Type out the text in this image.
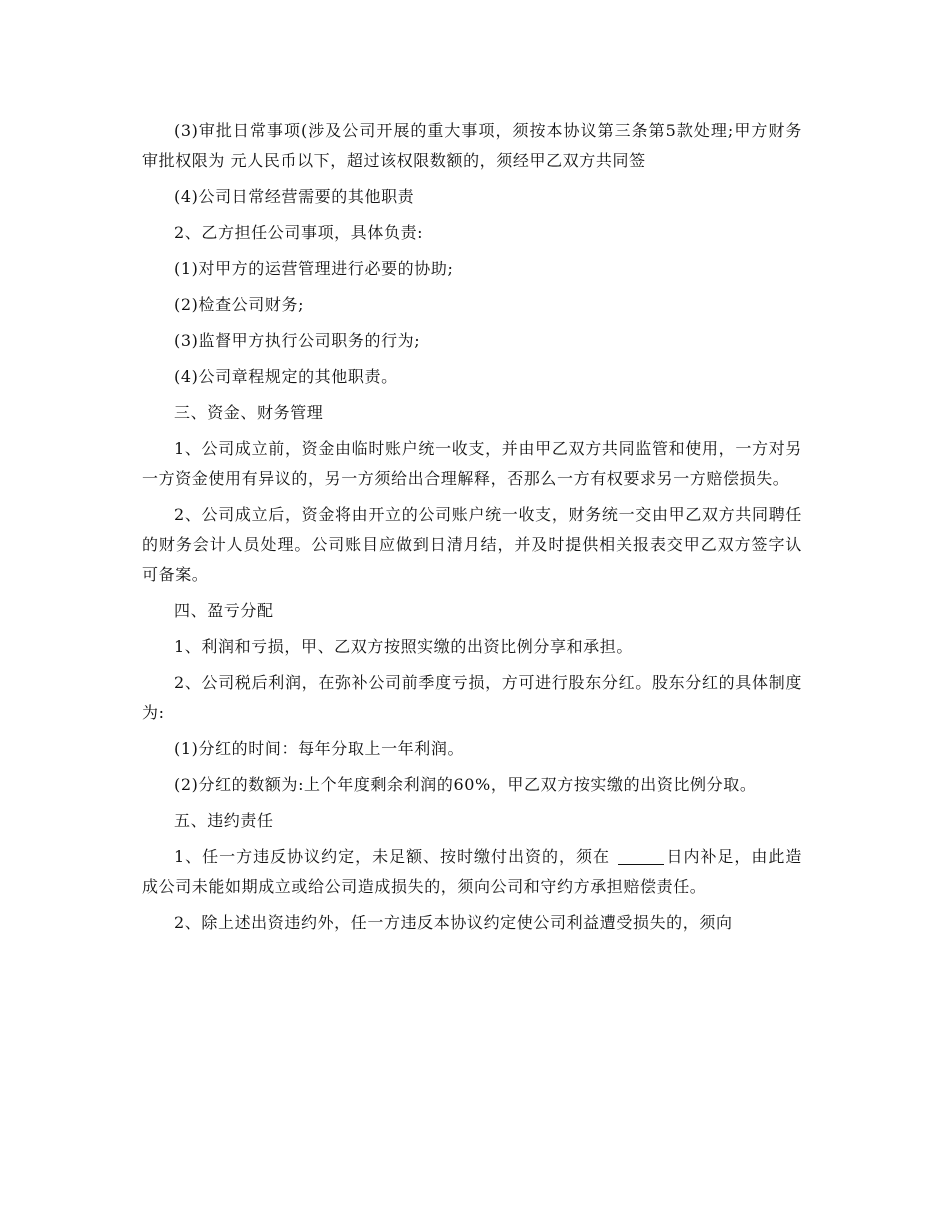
(3)审批日常事项(涉及公司开展的重大事项，须按本协议第三条第5款处理;甲方财务审批权限为 元人民币以下，超过该权限数额的，须经甲乙双方共同签

(4)公司日常经营需要的其他职责

2、乙方担任公司事项，具体负责:

(1)对甲方的运营管理进行必要的协助;

(2)检查公司财务;

(3)监督甲方执行公司职务的行为;

(4)公司章程规定的其他职责。

三、资金、财务管理

1、公司成立前，资金由临时账户统一收支，并由甲乙双方共同监管和使用，一方对另一方资金使用有异议的，另一方须给出合理解释，否那么一方有权要求另一方赔偿损失。

2、公司成立后，资金将由开立的公司账户统一收支，财务统一交由甲乙双方共同聘任的财务会计人员处理。公司账目应做到日清月结，并及时提供相关报表交甲乙双方签字认可备案。

四、盈亏分配

1、利润和亏损，甲、乙双方按照实缴的出资比例分享和承担。

2、公司税后利润，在弥补公司前季度亏损，方可进行股东分红。股东分红的具体制度为:

(1)分红的时间：每年分取上一年利润。

(2)分红的数额为:上个年度剩余利润的60%，甲乙双方按实缴的出资比例分取。

五、违约责任

1、任一方违反协议约定，未足额、按时缴付出资的，须在	日内补足，由此造成公司未能如期成立或给公司造成损失的，须向公司和守约方承担赔偿责任。

2、除上述出资违约外，任一方违反本协议约定使公司利益遭受损失的，须向
